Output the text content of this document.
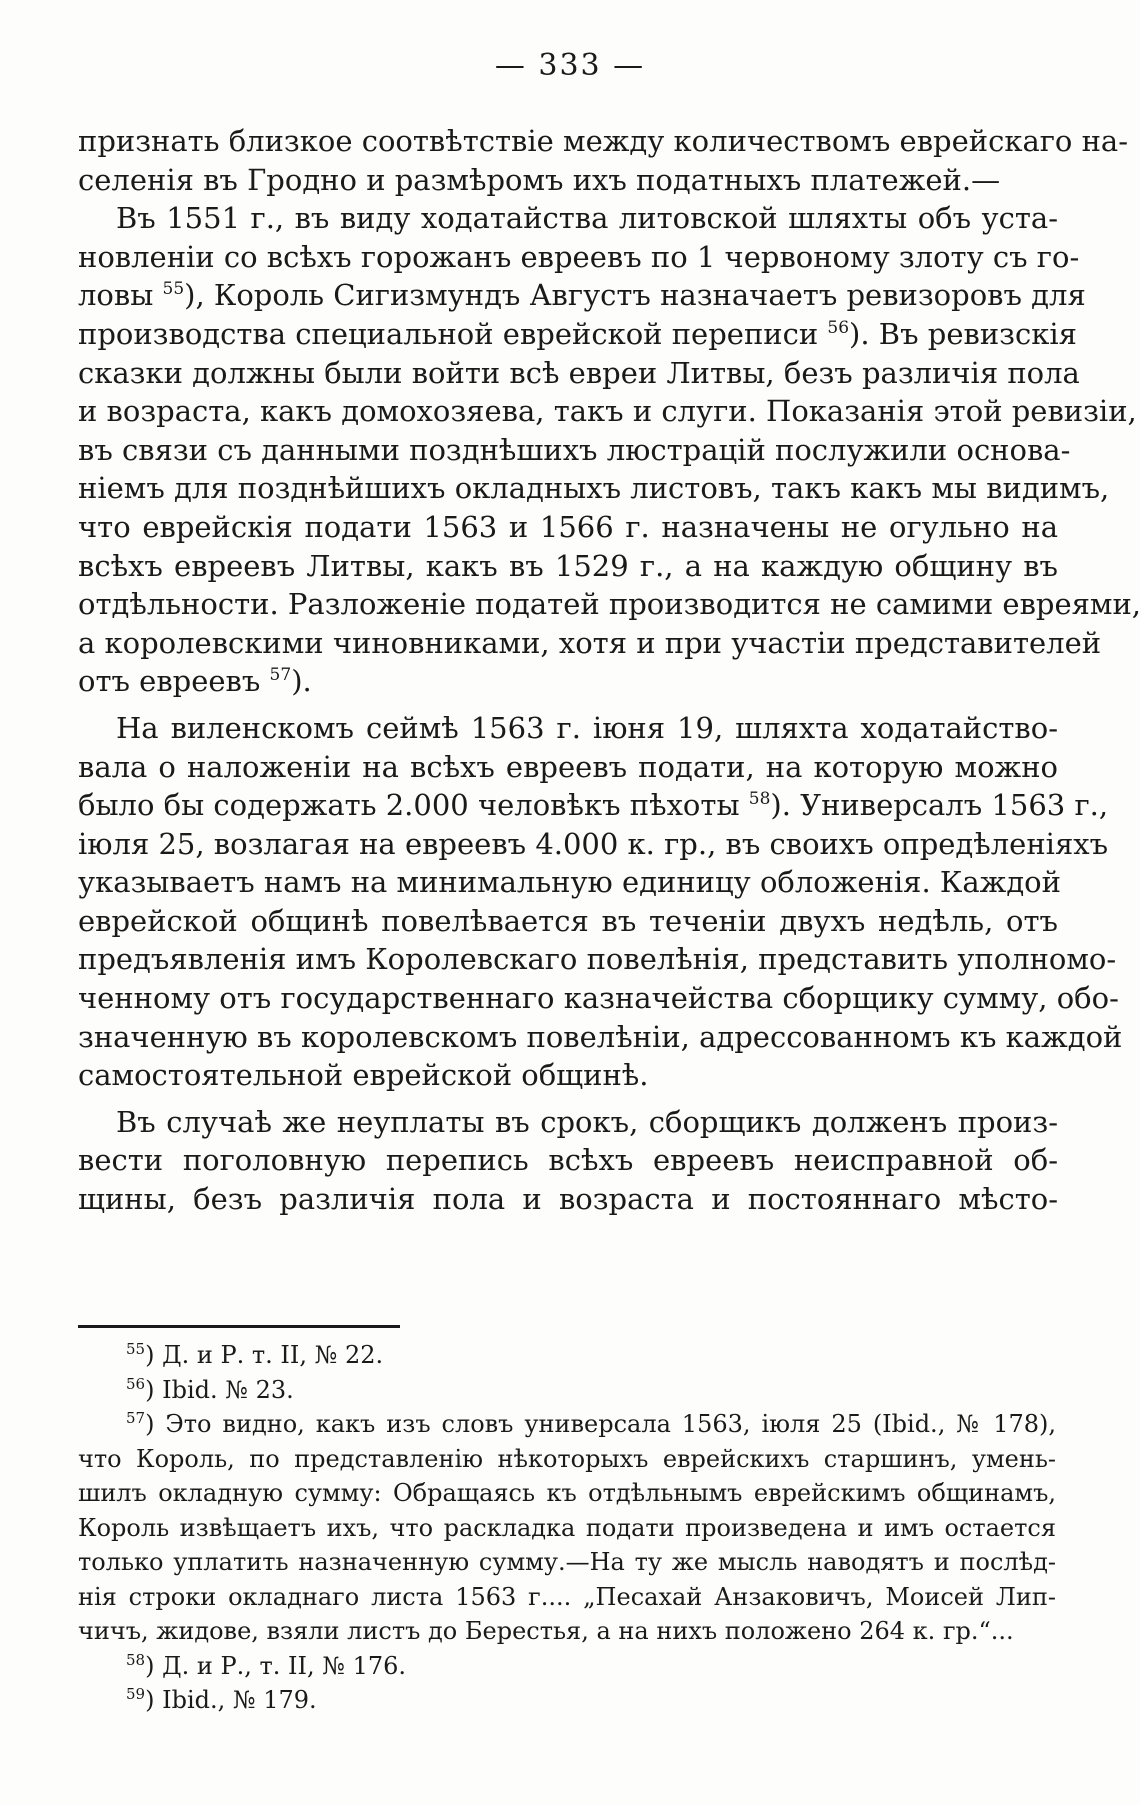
— 333 —
признать близкое соотвѣтствіе между количествомъ еврейскаго на-
селенія въ Гродно и размѣромъ ихъ податныхъ платежей.—
Въ 1551 г., въ виду ходатайства литовской шляхты объ уста-
новленіи со всѣхъ горожанъ евреевъ по 1 червоному злоту съ го-
ловы $^{55}$), Король Сигизмундъ Августъ назначаетъ ревизоровъ для
производства специальной еврейской переписи $^{56}$). Въ ревизскія
сказки должны были войти всѣ евреи Литвы, безъ различія пола
и возраста, какъ домохозяева, такъ и слуги. Показанія этой ревизіи,
въ связи съ данными позднѣшихъ люстрацій послужили основа-
ніемъ для позднѣйшихъ окладныхъ листовъ, такъ какъ мы видимъ,
что еврейскія подати 1563 и 1566 г. назначены не огульно на
всѣхъ евреевъ Литвы, какъ въ 1529 г., а на каждую общину въ
отдѣльности. Разложеніе податей производится не самими евреями,
а королевскими чиновниками, хотя и при участіи представителей
отъ евреевъ $^{57}$).
На виленскомъ сеймѣ 1563 г. іюня 19, шляхта ходатайство-
вала о наложеніи на всѣхъ евреевъ подати, на которую можно
было бы содержать 2.000 человѣкъ пѣхоты $^{58}$). Универсалъ 1563 г.,
іюля 25, возлагая на евреевъ 4.000 к. гр., въ своихъ опредѣленіяхъ
указываетъ намъ на минимальную единицу обложенія. Каждой
еврейской общинѣ повелѣвается въ теченіи двухъ недѣль, отъ
предъявленія имъ Королевскаго повелѣнія, представить уполномо-
ченному отъ государственнаго казначейства сборщику сумму, обо-
значенную въ королевскомъ повелѣніи, адрессованномъ къ каждой
самостоятельной еврейской общинѣ.
Въ случаѣ же неуплаты въ срокъ, сборщикъ долженъ произ-
вести поголовную перепись всѣхъ евреевъ неисправной об-
щины, безъ различія пола и возраста и постояннаго мѣсто-
$^{55}$) Д. и Р. т. II, № 22.
$^{56}$) Ibid. № 23.
$^{57}$) Это видно, какъ изъ словъ универсала 1563, іюля 25 (Ibid., № 178),
что Король, по представленію нѣкоторыхъ еврейскихъ старшинъ, умень-
шилъ окладную сумму: Обращаясь къ отдѣльнымъ еврейскимъ общинамъ,
Король извѣщаетъ ихъ, что раскладка подати произведена и имъ остается
только уплатить назначенную сумму.—На ту же мысль наводятъ и послѣд-
нія строки окладнаго листа 1563 г.... „Песахай Анзаковичъ, Моисей Лип-
чичъ, жидове, взяли листъ до Берестья, а на нихъ положено 264 к. гр.“...
$^{58}$) Д. и Р., т. II, № 176.
$^{59}$) Ibid., № 179.
